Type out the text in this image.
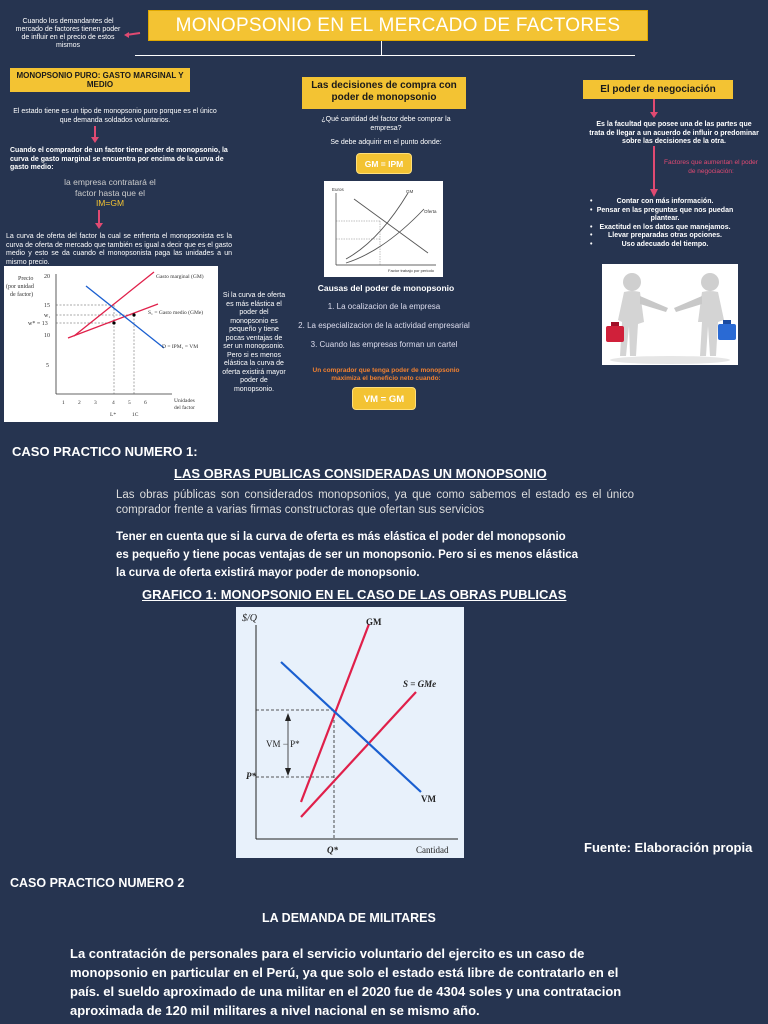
MONOPSONIO EN EL MERCADO DE FACTORES
Cuando los demandantes del mercado de factores tienen poder de influir en el precio de estos mismos
MONOPSONIO PURO: GASTO MARGINAL Y MEDIO
El estado tiene es un tipo de monopsonio puro porque es el único que demanda soldados voluntarios.
Cuando el comprador de un factor tiene poder de monopsonio, la curva de gasto marginal se encuentra por encima de la curva de gasto medio:
la empresa contratará el
factor hasta que el
IM=GM
La curva de oferta del factor la cual se enfrenta el monopsonista es la curva de oferta de mercado que también es igual a decir que es el gasto medio y esto se da cuando el monopsonista paga las unidades a un mismo precio.
Precio
(por unidad
de factor)
20
15
w₁
w* = 13
10
5
Gasto marginal (GM)
S₁ = Gasto medio (GMe)
D = IPM₁ = VM
1 2 3	4 5 6
L*	1C
Unidades
del factor
Si la curva de oferta es más elástica el poder del monopsonio es pequeño y tiene pocas ventajas de ser un monopsonio. Pero si es menos elástica la curva de oferta existirá mayor poder de monopsonio.
Las decisiones de compra con poder de monopsonio
¿Qué cantidad del factor debe comprar la empresa?
Se debe adquirir en el punto donde:
GM = IPM
Euros	GM
Oferta
Factor trabajo por periodo
Causas del poder de monopsonio
1. La ocalizacion de la empresa
2. La especializacion de la actividad empresarial
3. Cuando las empresas forman un cartel
Un comprador que tenga poder de monopsonio maximiza el beneficio neto cuando:
VM = GM
El poder de negociación
Es la facultad que posee una de las partes que trata de llegar a un acuerdo de influir o predominar sobre las decisiones de la otra.
Factores que aumentan el poder de negociación:
•	Contar con más información.
• Pensar en las preguntas que nos puedan plantear.
• Exactitud en los datos que manejamos.
• Llevar preparadas otras opciones.
•	Uso adecuado del tiempo.
CASO PRACTICO NUMERO 1:
LAS OBRAS PUBLICAS CONSIDERADAS UN MONOPSONIO
Las obras públicas son considerados monopsonios, ya que como sabemos el estado es el único comprador frente a varias firmas constructoras que ofertan sus servicios
Tener en cuenta que si la curva de oferta es más elástica el poder del monopsonio
es pequeño y tiene pocas ventajas de ser un monopsonio. Pero si es menos elástica
la curva de oferta existirá mayor poder de monopsonio.
GRAFICO 1: MONOPSONIO EN EL CASO DE LAS OBRAS PUBLICAS
$/Q	GM
S = GMe
VM
VM − P*
P*
Q*	Cantidad	Fuente: Elaboración propia
CASO PRACTICO NUMERO 2
LA DEMANDA DE MILITARES
La contratación de personales para el servicio voluntario del ejercito es un caso de
monopsonio en particular en el Perú, ya que solo el estado está libre de contratarlo en el
país. el sueldo aproximado de una militar en el 2020 fue de 4304 soles y una contratacion
aproximada de 120 mil militares a nivel nacional en se mismo año.
